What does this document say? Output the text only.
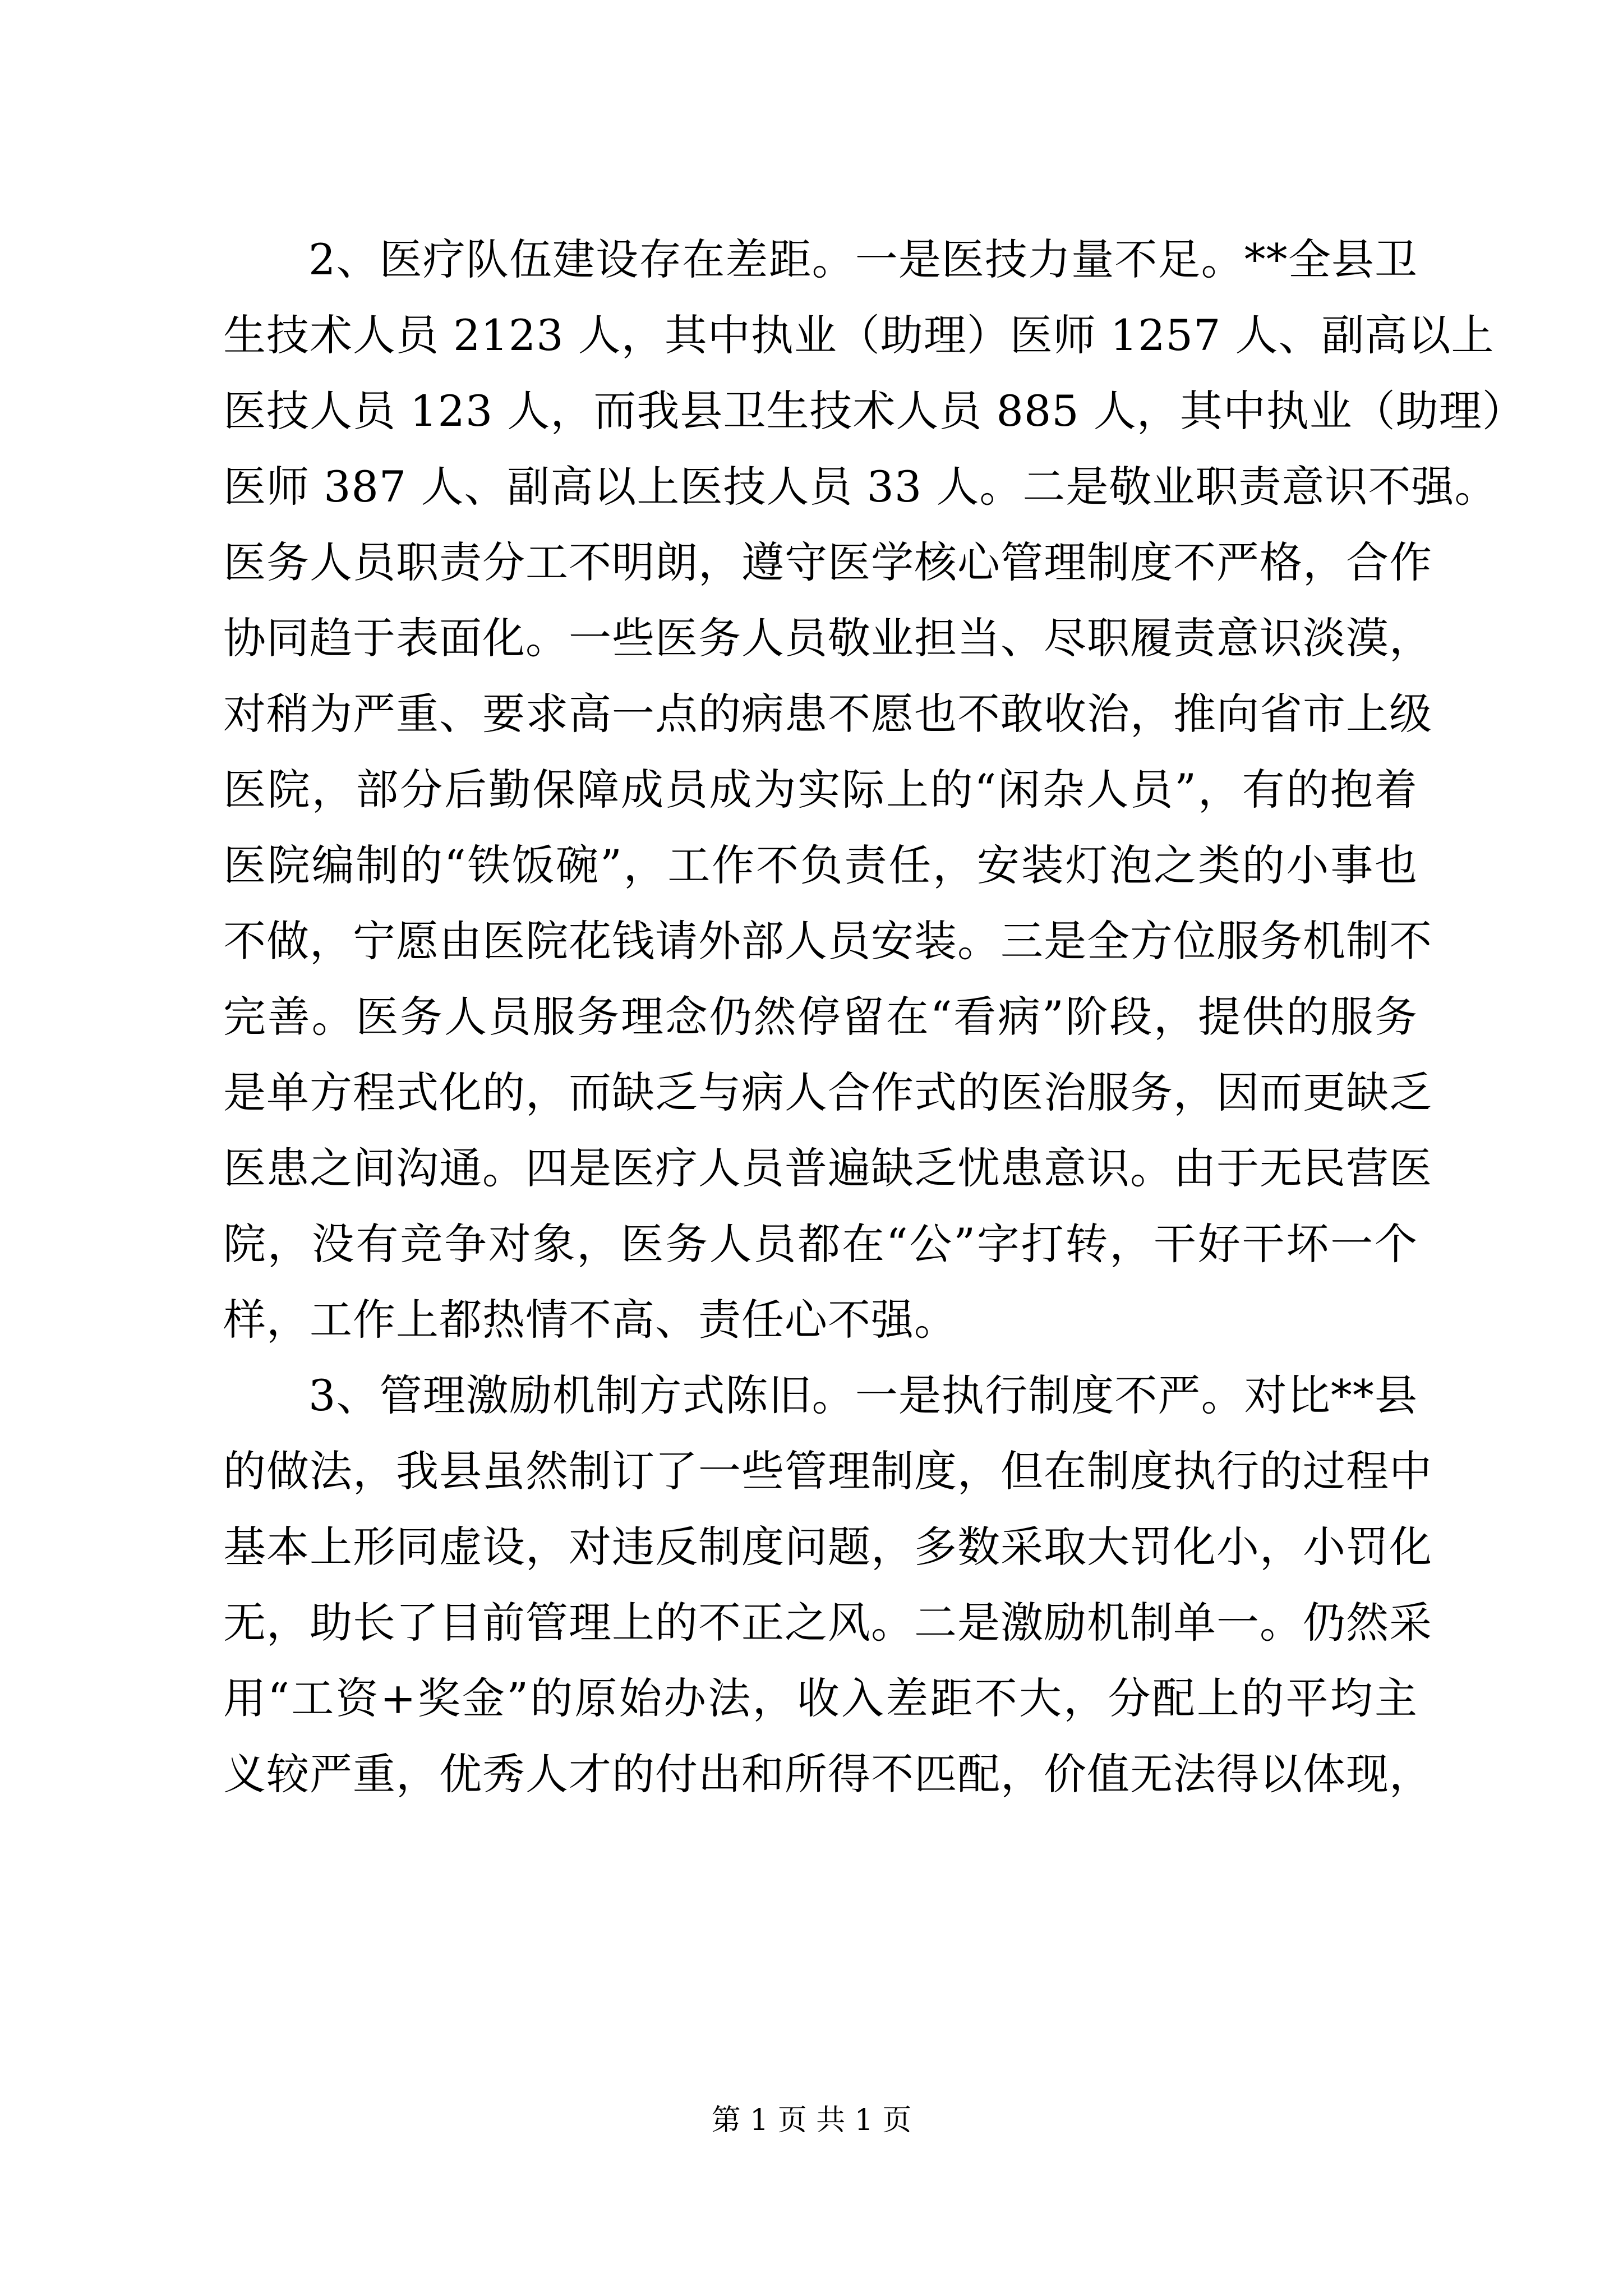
2、医疗队伍建设存在差距。一是医技力量不足。**全县卫
生技术人员 2123 人，其中执业（助理）医师 1257 人、副高以上
医技人员 123 人，而我县卫生技术人员 885 人，其中执业（助理）
医师 387 人、副高以上医技人员 33 人。二是敬业职责意识不强。
医务人员职责分工不明朗，遵守医学核心管理制度不严格，合作
协同趋于表面化。一些医务人员敬业担当、尽职履责意识淡漠，
对稍为严重、要求高一点的病患不愿也不敢收治，推向省市上级
医院，部分后勤保障成员成为实际上的“闲杂人员”，有的抱着
医院编制的“铁饭碗”，工作不负责任，安装灯泡之类的小事也
不做，宁愿由医院花钱请外部人员安装。三是全方位服务机制不
完善。医务人员服务理念仍然停留在“看病”阶段，提供的服务
是单方程式化的，而缺乏与病人合作式的医治服务，因而更缺乏
医患之间沟通。四是医疗人员普遍缺乏忧患意识。由于无民营医
院，没有竞争对象，医务人员都在“公”字打转，干好干坏一个
样，工作上都热情不高、责任心不强。
3、管理激励机制方式陈旧。一是执行制度不严。对比**县
的做法，我县虽然制订了一些管理制度，但在制度执行的过程中
基本上形同虚设，对违反制度问题，多数采取大罚化小，小罚化
无，助长了目前管理上的不正之风。二是激励机制单一。仍然采
用“工资+奖金”的原始办法，收入差距不大，分配上的平均主
义较严重，优秀人才的付出和所得不匹配，价值无法得以体现，
第 1 页 共 1 页
